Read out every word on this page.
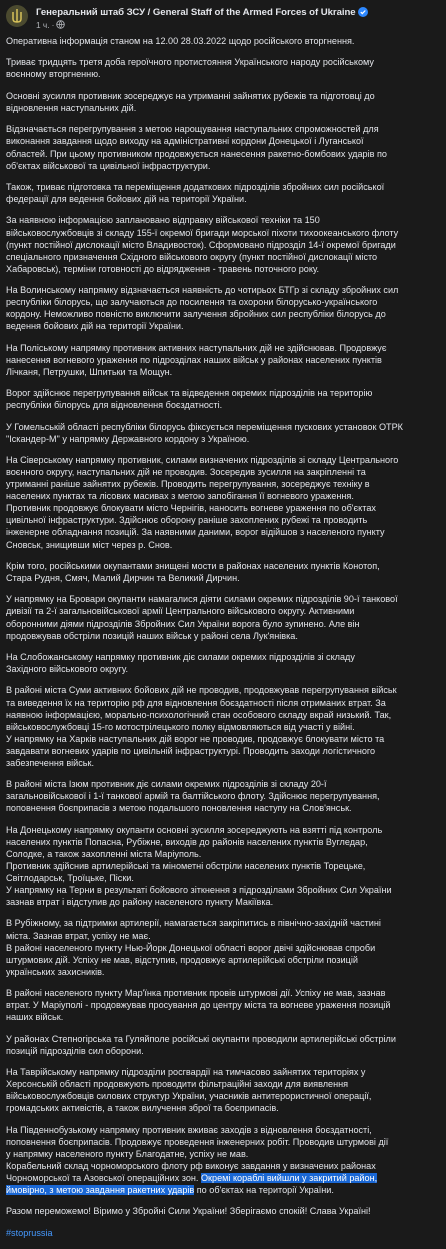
Генеральний штаб ЗСУ / General Staff of the Armed Forces of Ukraine
1 ч. ·

Оперативна інформація станом на 12.00 28.03.2022 щодо російського вторгнення.

Триває тридцять третя доба героїчного протистояння Українського народу російському
воєнному вторгненню.

Основні зусилля противник зосереджує на утриманні зайнятих рубежів та підготовці до
відновлення наступальних дій.

Відзначається перегрупування з метою нарощування наступальних спроможностей для
виконання завдання щодо виходу на адміністративні кордони Донецької і Луганської
областей. При цьому противником продовжується нанесення ракетно-бомбових ударів по
об'єктах військової та цивільної інфраструктури.

Також, триває підготовка та переміщення додаткових підрозділів збройних сил російської
федерації для ведення бойових дій на території України.

За наявною інформацією заплановано відправку військової техніки та 150
військовослужбовців зі складу 155-ї окремої бригади морської піхоти тихоокеанського флоту
(пункт постійної дислокації місто Владивосток). Сформовано підрозділ 14-ї окремої бригади
спеціального призначення Східного військового округу (пункт постійної дислокації місто
Хабаровськ), терміни готовності до відрядження - травень поточного року.

На Волинському напрямку відзначається наявність до чотирьох БТГр зі складу збройних сил
республіки білорусь, що залучаються до посилення та охорони білорусько-українського
кордону. Неможливо повністю виключити залучення збройних сил республіки білорусь до
ведення бойових дій на території України.

На Поліському напрямку противник активних наступальних дій не здійснював. Продовжує
нанесення вогневого ураження по підрозділах наших військ у районах населених пунктів
Лічканя, Петрушки, Шпитьки та Мощун.

Ворог здійснює перегрупування військ та відведення окремих підрозділів на територію
республіки білорусь для відновлення боєздатності.

У Гомельській області республіки білорусь фіксується переміщення пускових установок ОТРК
"Іскандер-М" у напрямку Державного кордону з Україною.

На Сіверському напрямку противник, силами визначених підрозділів зі складу Центрального
воєнного округу, наступальних дій не проводив. Зосередив зусилля на закріпленні та
утриманні раніше зайнятих рубежів. Проводить перегрупування, зосереджує техніку в
населених пунктах та лісових масивах з метою запобігання її вогневого ураження.
Противник продовжує блокувати місто Чернігів, наносить вогневе ураження по об'єктах
цивільної інфраструктури. Здійснює оборону раніше захоплених рубежі та проводить
інженерне обладнання позицій. За наявними даними, ворог відійшов з населеного пункту
Сновськ, знищивши міст через р. Снов.

Крім того, російськими окупантами знищені мости в районах населених пунктів Конотоп,
Стара Рудня, Смяч, Малий Дирчин та Великий Дирчин.

У напрямку на Бровари окупанти намагалися діяти силами окремих підрозділів 90-ї танкової
дивізії та 2-ї загальновійськової армії Центрального військового округу. Активними
оборонними діями підрозділів Збройних Сил України ворога було зупинено. Але він
продовжував обстріли позицій наших військ у районі села Лук'янівка.

На Слобожанському напрямку противник діє силами окремих підрозділів зі складу
Західного військового округу.

В районі міста Суми активних бойових дій не проводив, продовжував перегрупування військ
та виведення їх на територію рф для відновлення боєздатності після отриманих втрат. За
наявною інформацією, морально-психологічний стан особового складу вкрай низький. Так,
військовослужбовці 15-го мотострілецького полку відмовляються від участі у війні.
У напрямку на Харків наступальних дій ворог не проводив, продовжує блокувати місто та
завдавати вогневих ударів по цивільній інфраструктурі. Проводить заходи логістичного
забезпечення військ.

В районі міста Ізюм противник діє силами окремих підрозділів зі складу 20-ї
загальновійськової і 1-ї танкової армій та балтійського флоту. Здійснює перегрупування,
поповнення боєприпасів з метою подальшого поновлення наступу на Слов'янськ.

На Донецькому напрямку окупанти основні зусилля зосереджують на взятті під контроль
населених пунктів Попасна, Рубіжне, виходів до районів населених пунктів Вугледар,
Солодке, а також захопленні міста Маріуполь.
Противник здійснив артилерійські та мінометні обстріли населених пунктів Торецьке,
Світлодарськ, Троїцьке, Піски.
У напрямку на Терни в результаті бойового зіткнення з підрозділами Збройних Сил України
зазнав втрат і відступив до району населеного пункту Макіївка.

В Рубіжному, за підтримки артилерії, намагається закріпитись в північно-західній частині
міста. Зазнав втрат, успіху не має.
В районі населеного пункту Нью-Йорк Донецької області ворог двічі здійснював спроби
штурмових дій. Успіху не мав, відступив, продовжує артилерійські обстріли позицій
українських захисників.

В районі населеного пункту Мар'їнка противник провів штурмові дії. Успіху не мав, зазнав
втрат. У Маріуполі - продовжував просування до центру міста та вогневе ураження позицій
наших військ.

У районах Степногірська та Гуляйполе російські окупанти проводили артилерійські обстріли
позицій підрозділів сил оборони.

На Таврійському напрямку підрозділи росгвардії на тимчасово зайнятих територіях у
Херсонській області продовжують проводити фільтраційні заходи для виявлення
військовослужбовців силових структур України, учасників антитерористичної операції,
громадських активістів, а також вилучення зброї та боєприпасів.

На Південнобузькому напрямку противник вживає заходів з відновлення боєздатності,
поповнення боєприпасів. Продовжує проведення інженерних робіт. Проводив штурмові дії
у напрямку населеного пункту Благодатне, успіху не мав.

Корабельний склад чорноморського флоту рф виконує завдання у визначених районах
Чорноморської та Азовської операційних зон. Окремі кораблі вийшли у закритий район,
ймовірно, з метою завдання ракетних ударів по об'єктах на території України.

Разом переможемо! Віримо у Збройні Сили України! Зберігаємо спокій! Слава Україні!

#stoprussia
